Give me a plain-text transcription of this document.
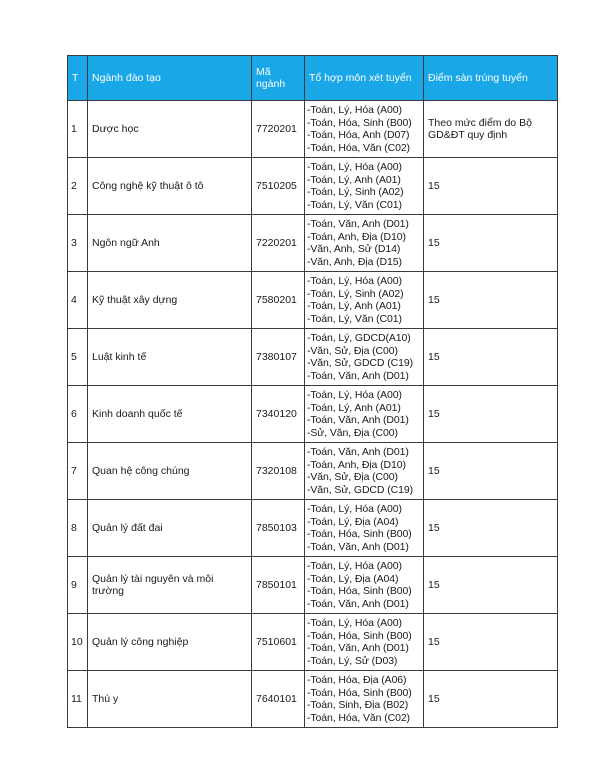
T	Ngành đào tạo	Mã ngành	Tổ hợp môn xét tuyển	Điểm sàn trúng tuyển
1	Dược học	7720201	-Toán, Lý, Hóa (A00)
-Toán, Hóa, Sinh (B00)
-Toán, Hóa, Anh (D07)
-Toán, Hóa, Văn (C02)	Theo mức điểm do Bộ GD&ĐT quy định
2	Công nghệ kỹ thuật ô tô	7510205	-Toán, Lý, Hóa (A00)
-Toán, Lý, Anh (A01)
-Toán, Lý, Sinh (A02)
-Toán, Lý, Văn (C01)	15
3	Ngôn ngữ Anh	7220201	-Toán, Văn, Anh (D01)
-Toán, Anh, Địa (D10)
-Văn, Anh, Sử (D14)
-Văn, Anh, Địa (D15)	15
4	Kỹ thuật xây dựng	7580201	-Toán, Lý, Hóa (A00)
-Toán, Lý, Sinh (A02)
-Toán, Lý, Anh (A01)
-Toán, Lý, Văn (C01)	15
5	Luật kinh tế	7380107	-Toán, Lý, GDCD(A10)
-Văn, Sử, Địa (C00)
-Văn, Sử, GDCD (C19)
-Toán, Văn, Anh (D01)	15
6	Kinh doanh quốc tế	7340120	-Toán, Lý, Hóa (A00)
-Toán, Lý, Anh (A01)
-Toán, Văn, Anh (D01)
-Sử, Văn, Địa (C00)	15
7	Quan hệ công chúng	7320108	-Toán, Văn, Anh (D01)
-Toán, Anh, Địa (D10)
-Văn, Sử, Địa (C00)
-Văn, Sử, GDCD (C19)	15
8	Quản lý đất đai	7850103	-Toán, Lý, Hóa (A00)
-Toán, Lý, Địa (A04)
-Toán, Hóa, Sinh (B00)
-Toán, Văn, Anh (D01)	15
9	Quản lý tài nguyên và môi trường	7850101	-Toán, Lý, Hóa (A00)
-Toán, Lý, Địa (A04)
-Toán, Hóa, Sinh (B00)
-Toán, Văn, Anh (D01)	15
10	Quản lý công nghiệp	7510601	-Toán, Lý, Hóa (A00)
-Toán, Hóa, Sinh (B00)
-Toán, Văn, Anh (D01)
-Toán, Lý, Sử (D03)	15
11	Thú y	7640101	-Toán, Hóa, Địa (A06)
-Toán, Hóa, Sinh (B00)
-Toán, Sinh, Địa (B02)
-Toán, Hóa, Văn (C02)	15
